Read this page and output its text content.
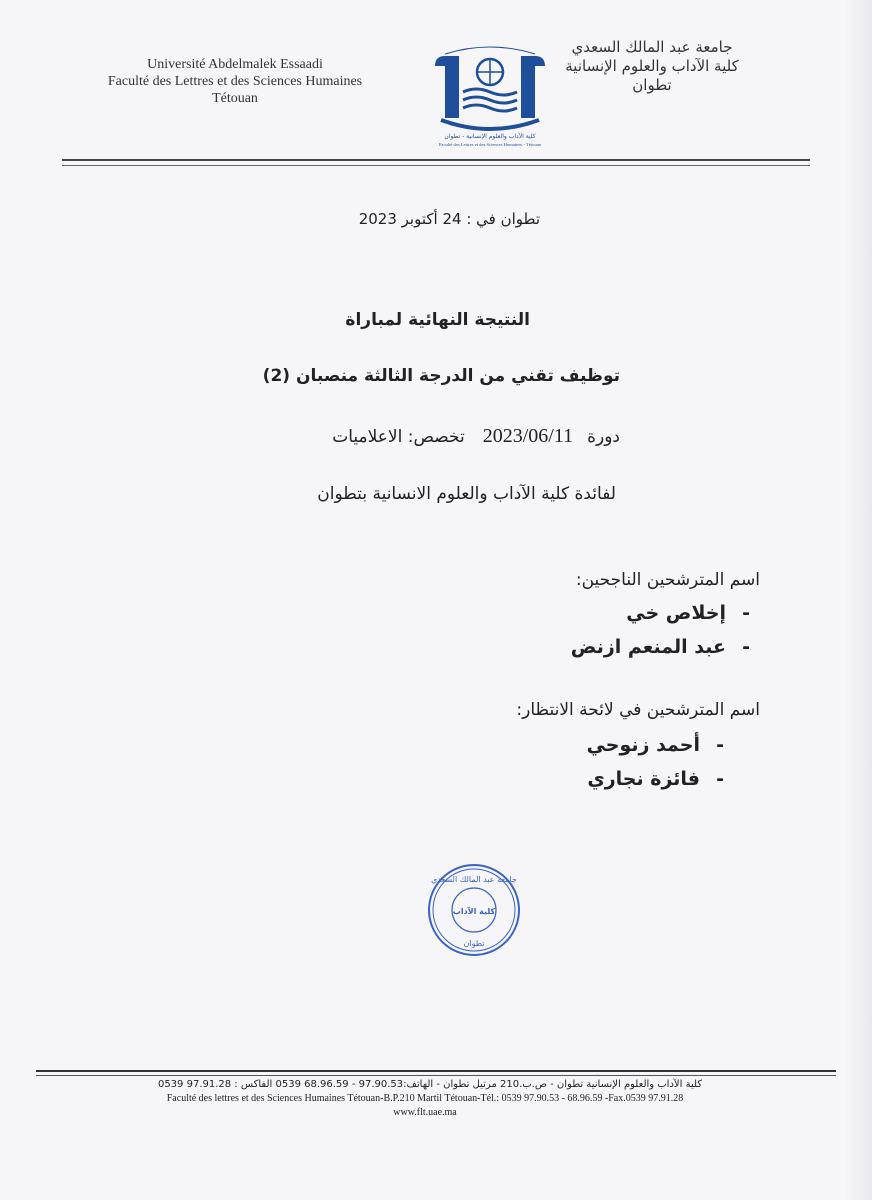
Université Abdelmalek Essaadi
Faculté des Lettres et des Sciences Humaines
Tétouan
كلية الآداب والعلوم الإنسانية - تطوان
Faculté des Lettres et des Sciences Humaines - Tétouan
جامعة عبد المالك السعدي
كلية الآداب والعلوم الإنسانية
تطوان
تطوان في : 24 أكتوبر 2023
النتيجة النهائية لمباراة
توظيف تقني من الدرجة الثالثة منصبان (2)
دورة2023/06/11تخصص: الاعلاميات
لفائدة كلية الآداب والعلوم الانسانية بتطوان
اسم المترشحين الناجحين:
-إخلاص خي
-عبد المنعم ازنض
اسم المترشحين في لائحة الانتظار:
-أحمد زنوحي
-فائزة نجاري
جامعة عبد المالك السعدي
كلية الآداب
تطوان
كلية الآداب والعلوم الإنسانية تطوان - ص.ب.210 مرتيل تطوان - الهاتف:97.90.53 - 68.96.59 0539 الفاكس : 97.91.28 0539
Faculté des lettres et des Sciences Humaines Tétouan-B.P.210 Martil Tétouan-Tél.: 0539 97.90.53 - 68.96.59 -Fax.0539 97.91.28
www.flt.uae.ma
